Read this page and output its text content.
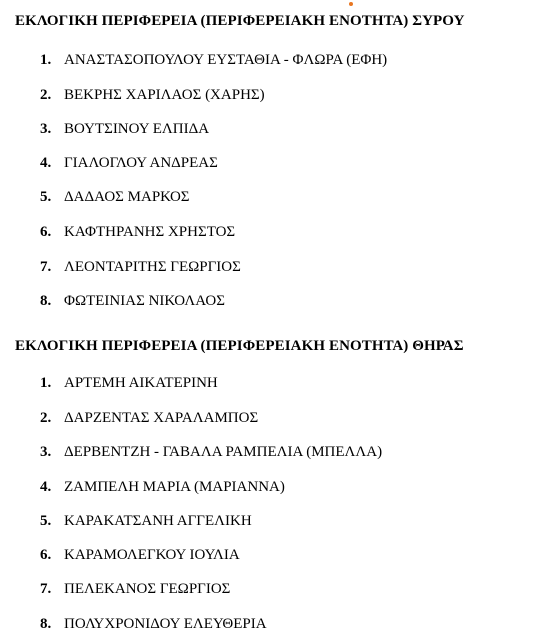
ΕΚΛΟΓΙΚΗ ΠΕΡΙΦΕΡΕΙΑ (ΠΕΡΙΦΕΡΕΙΑΚΗ ΕΝΟΤΗΤΑ) ΣΥΡΟΥ
1. ΑΝΑΣΤΑΣΟΠΟΥΛΟΥ ΕΥΣΤΑΘΙΑ - ΦΛΩΡΑ (ΕΦΗ)
2. ΒΕΚΡΗΣ ΧΑΡΙΛΑΟΣ (ΧΑΡΗΣ)
3. ΒΟΥΤΣΙΝΟΥ ΕΛΠΙΔΑ
4. ΓΙΑΛΟΓΛΟΥ ΑΝΔΡΕΑΣ
5. ΔΑΔΑΟΣ ΜΑΡΚΟΣ
6. ΚΑΦΤΗΡΑΝΗΣ ΧΡΗΣΤΟΣ
7. ΛΕΟΝΤΑΡΙΤΗΣ ΓΕΩΡΓΙΟΣ
8. ΦΩΤΕΙΝΙΑΣ ΝΙΚΟΛΑΟΣ
ΕΚΛΟΓΙΚΗ ΠΕΡΙΦΕΡΕΙΑ (ΠΕΡΙΦΕΡΕΙΑΚΗ ΕΝΟΤΗΤΑ) ΘΗΡΑΣ
1. ΑΡΤΕΜΗ ΑΙΚΑΤΕΡΙΝΗ
2. ΔΑΡΖΕΝΤΑΣ ΧΑΡΑΛΑΜΠΟΣ
3. ΔΕΡΒΕΝΤΖΗ - ΓΑΒΑΛΑ ΡΑΜΠΕΛΙΑ (ΜΠΕΛΛΑ)
4. ΖΑΜΠΕΛΗ ΜΑΡΙΑ (ΜΑΡΙΑΝΝΑ)
5. ΚΑΡΑΚΑΤΣΑΝΗ ΑΓΓΕΛΙΚΗ
6. ΚΑΡΑΜΟΛΕΓΚΟΥ ΙΟΥΛΙΑ
7. ΠΕΛΕΚΑΝΟΣ ΓΕΩΡΓΙΟΣ
8. ΠΟΛΥΧΡΟΝΙΔΟΥ ΕΛΕΥΘΕΡΙΑ
